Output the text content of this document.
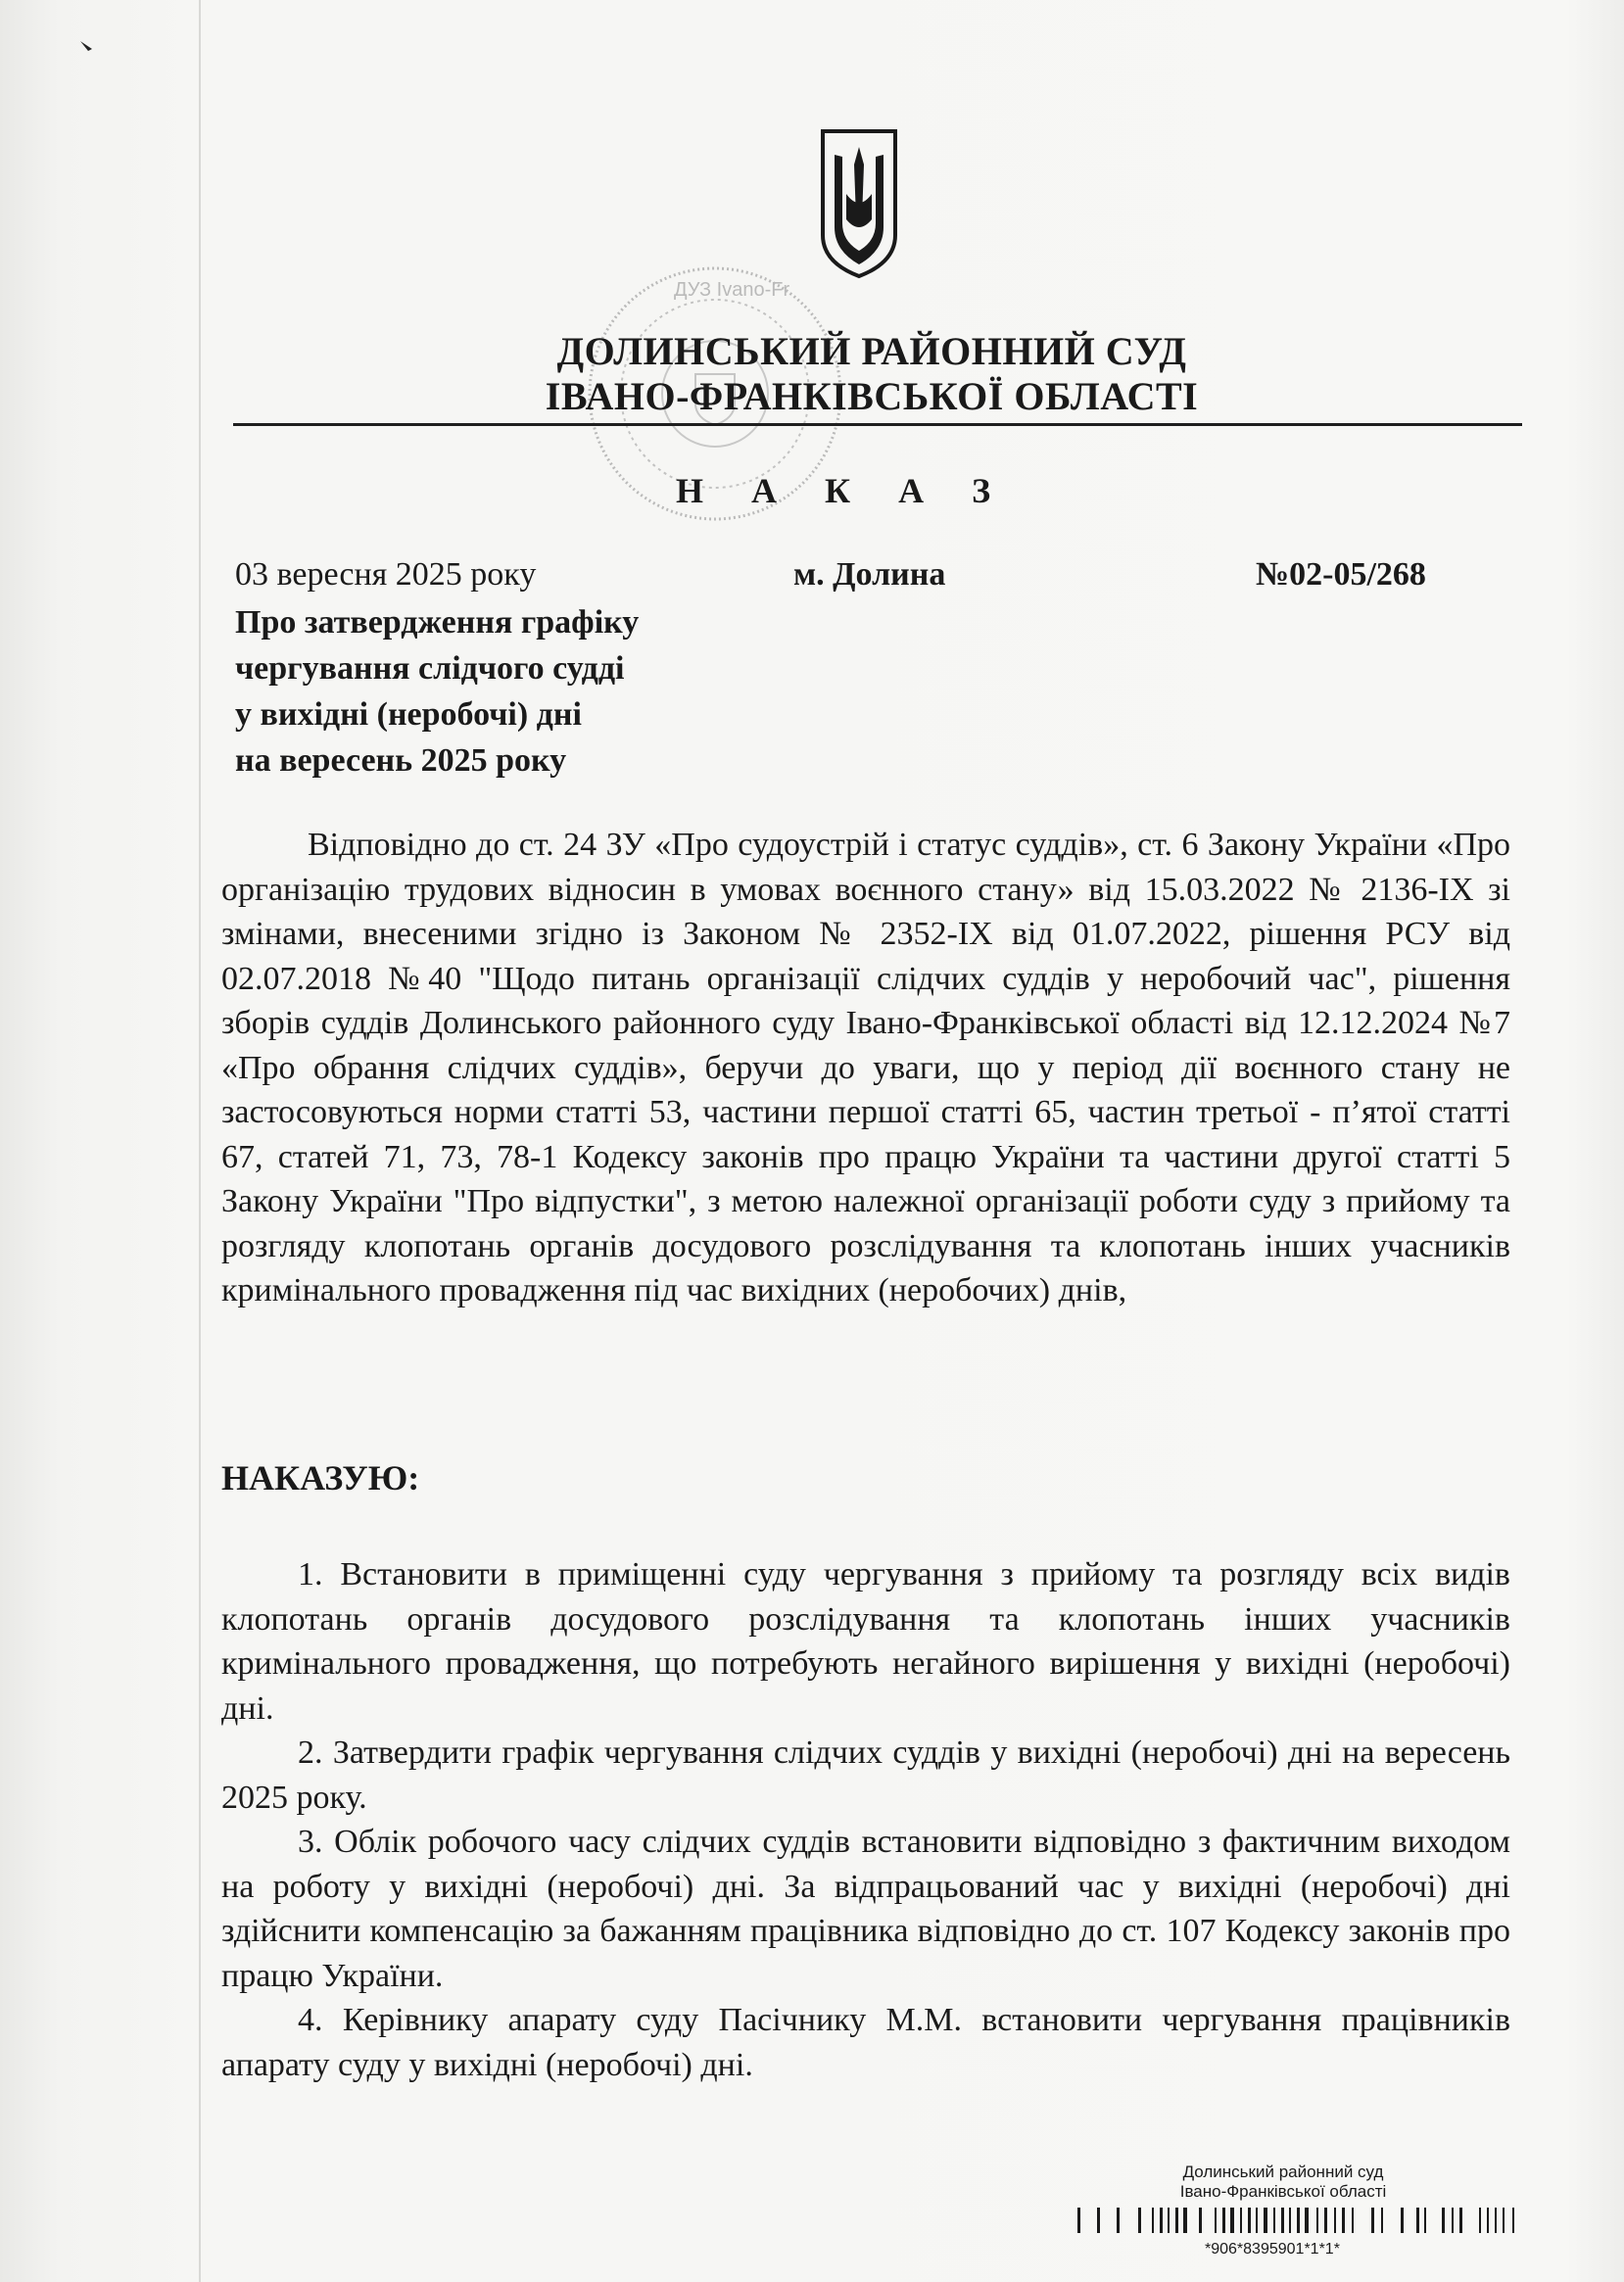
ДУЗ Ivano-Fr
ДОЛИНСЬКИЙ РАЙОННИЙ СУД
ІВАНО-ФРАНКІВСЬКОЇ ОБЛАСТІ
Н А К А З
03 вересня 2025 року	м. Долина	№02-05/268
Про затвердження графіку
чергування слідчого судді
у вихідні (неробочі) дні
на вересень 2025 року
Відповідно до ст. 24 ЗУ «Про судоустрій і статус суддів», ст. 6 Закону України «Про організацію трудових відносин в умовах воєнного стану» від 15.03.2022 № 2136-IX зі змінами, внесеними згідно із Законом № 2352-IX від 01.07.2022, рішення РСУ від 02.07.2018 №40 "Щодо питань організації слідчих суддів у неробочий час", рішення зборів суддів Долинського районного суду Івано-Франківської області від 12.12.2024 №7 «Про обрання слідчих суддів», беручи до уваги, що у період дії воєнного стану не застосовуються норми статті 53, частини першої статті 65, частин третьої - п’ятої статті 67, статей 71, 73, 78-1 Кодексу законів про працю України та частини другої статті 5 Закону України "Про відпустки", з метою належної організації роботи суду з прийому та розгляду клопотань органів досудового розслідування та клопотань інших учасників кримінального провадження під час вихідних (неробочих) днів,
НАКАЗУЮ:

1. Встановити в приміщенні суду чергування з прийому та розгляду всіх видів клопотань органів досудового розслідування та клопотань інших учасників кримінального провадження, що потребують негайного вирішення у вихідні (неробочі) дні.

2. Затвердити графік чергування слідчих суддів у вихідні (неробочі) дні на вересень 2025 року.

3. Облік робочого часу слідчих суддів встановити відповідно з фактичним виходом на роботу у вихідні (неробочі) дні. За відпрацьований час у вихідні (неробочі) дні здійснити компенсацію за бажанням працівника відповідно до ст. 107 Кодексу законів про працю України.

4. Керівнику апарату суду Пасічнику М.М. встановити чергування працівників апарату суду у вихідні (неробочі) дні.

Долинський районний суд
Івано-Франківської області
*906*8395901*1*1*
